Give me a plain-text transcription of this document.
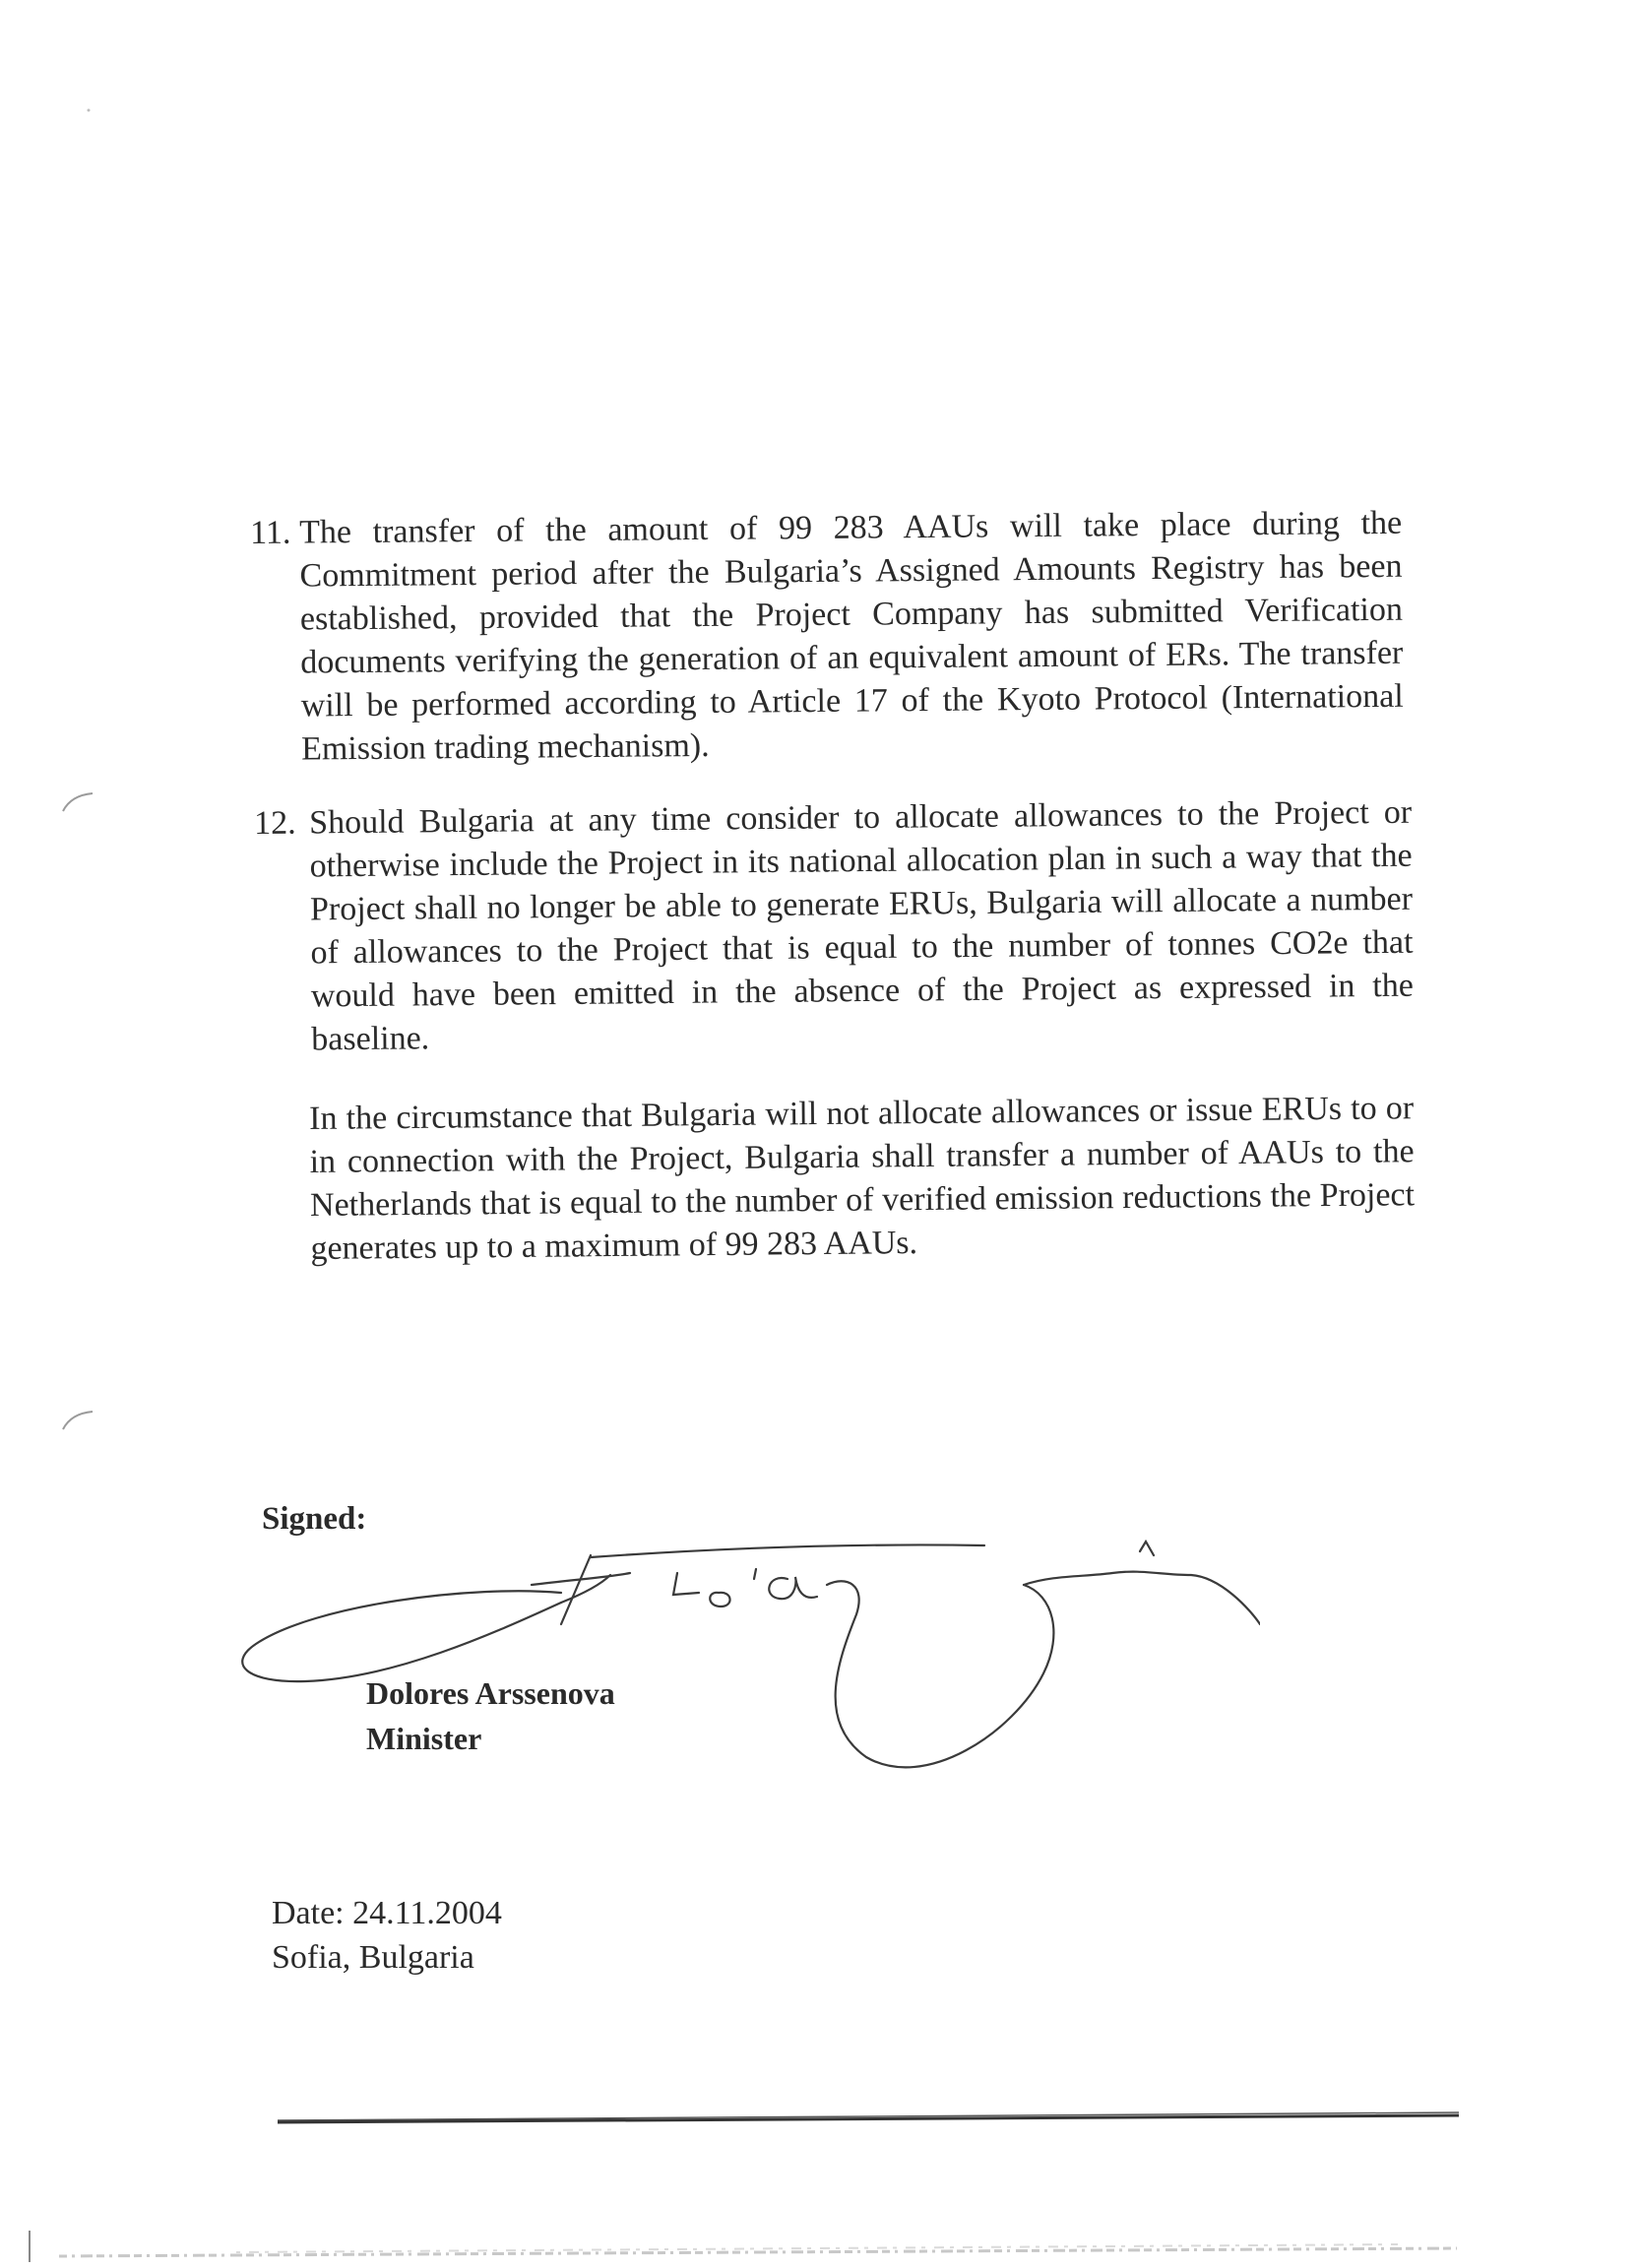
11. The transfer of the amount of 99 283 AAUs will take place during the Commitment period after the Bulgaria’s Assigned Amounts Registry has been established, provided that the Project Company has submitted Verification documents verifying the generation of an equivalent amount of ERs. The transfer will be performed according to Article 17 of the Kyoto Protocol (International Emission trading mechanism).
12. Should Bulgaria at any time consider to allocate allowances to the Project or otherwise include the Project in its national allocation plan in such a way that the Project shall no longer be able to generate ERUs, Bulgaria will allocate a number of allowances to the Project that is equal to the number of tonnes CO2e that would have been emitted in the absence of the Project as expressed in the baseline.
In the circumstance that Bulgaria will not allocate allowances or issue ERUs to or in connection with the Project, Bulgaria shall transfer a number of AAUs to the Netherlands that is equal to the number of verified emission reductions the Project generates up to a maximum of 99 283 AAUs.
Signed:
Dolores Arssenova
Minister
Date: 24.11.2004
Sofia, Bulgaria
